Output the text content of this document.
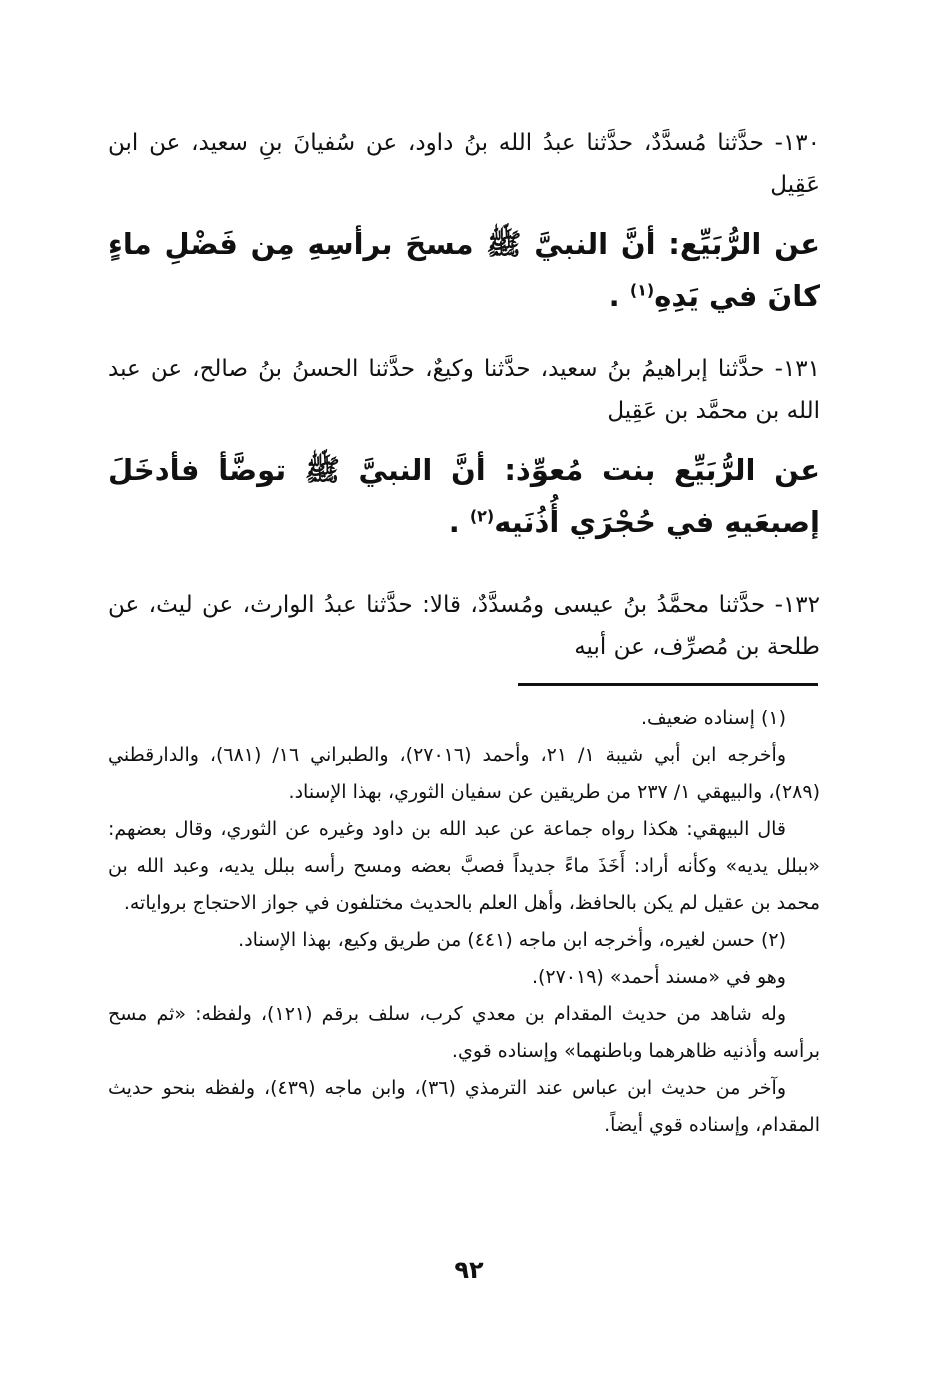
١٣٠- حدَّثنا مُسدَّدٌ، حدَّثنا عبدُ الله بنُ داود، عن سُفيانَ بنِ سعيد، عن ابن عَقِيل

عن الرُّبَيِّع: أنَّ النبيَّ ﷺ مسحَ برأسِهِ مِن فَضْلِ ماءٍ كانَ في يَدِهِ$^{(١)}$ .

١٣١- حدَّثنا إبراهيمُ بنُ سعيد، حدَّثنا وكيعٌ، حدَّثنا الحسنُ بنُ صالح، عن عبد الله بن محمَّد بن عَقِيل

عن الرُّبَيِّع بنت مُعوِّذ: أنَّ النبيَّ ﷺ توضَّأ فأدخَلَ إصبعَيهِ في حُجْرَي أُذُنَيه$^{(٢)}$ .

١٣٢- حدَّثنا محمَّدُ بنُ عيسى ومُسدَّدٌ، قالا: حدَّثنا عبدُ الوارث، عن ليث، عن طلحة بن مُصرِّف، عن أبيه

(١) إسناده ضعيف.

وأخرجه ابن أبي شيبة ١/ ٢١، وأحمد (٢٧٠١٦)، والطبراني ١٦/ (٦٨١)، والدارقطني (٢٨٩)، والبيهقي ١/ ٢٣٧ من طريقين عن سفيان الثوري، بهذا الإسناد.

قال البيهقي: هكذا رواه جماعة عن عبد الله بن داود وغيره عن الثوري، وقال بعضهم: «ببلل يديه» وكأنه أراد: أَخَذَ ماءً جديداً فصبَّ بعضه ومسح رأسه ببلل يديه، وعبد الله بن محمد بن عقيل لم يكن بالحافظ، وأهل العلم بالحديث مختلفون في جواز الاحتجاج برواياته.

(٢) حسن لغيره، وأخرجه ابن ماجه (٤٤١) من طريق وكيع، بهذا الإسناد.

وهو في «مسند أحمد» (٢٧٠١٩).

وله شاهد من حديث المقدام بن معدي كرب، سلف برقم (١٢١)، ولفظه: «ثم مسح برأسه وأذنيه ظاهرهما وباطنهما» وإسناده قوي.

وآخر من حديث ابن عباس عند الترمذي (٣٦)، وابن ماجه (٤٣٩)، ولفظه بنحو حديث المقدام، وإسناده قوي أيضاً.

٩٢
